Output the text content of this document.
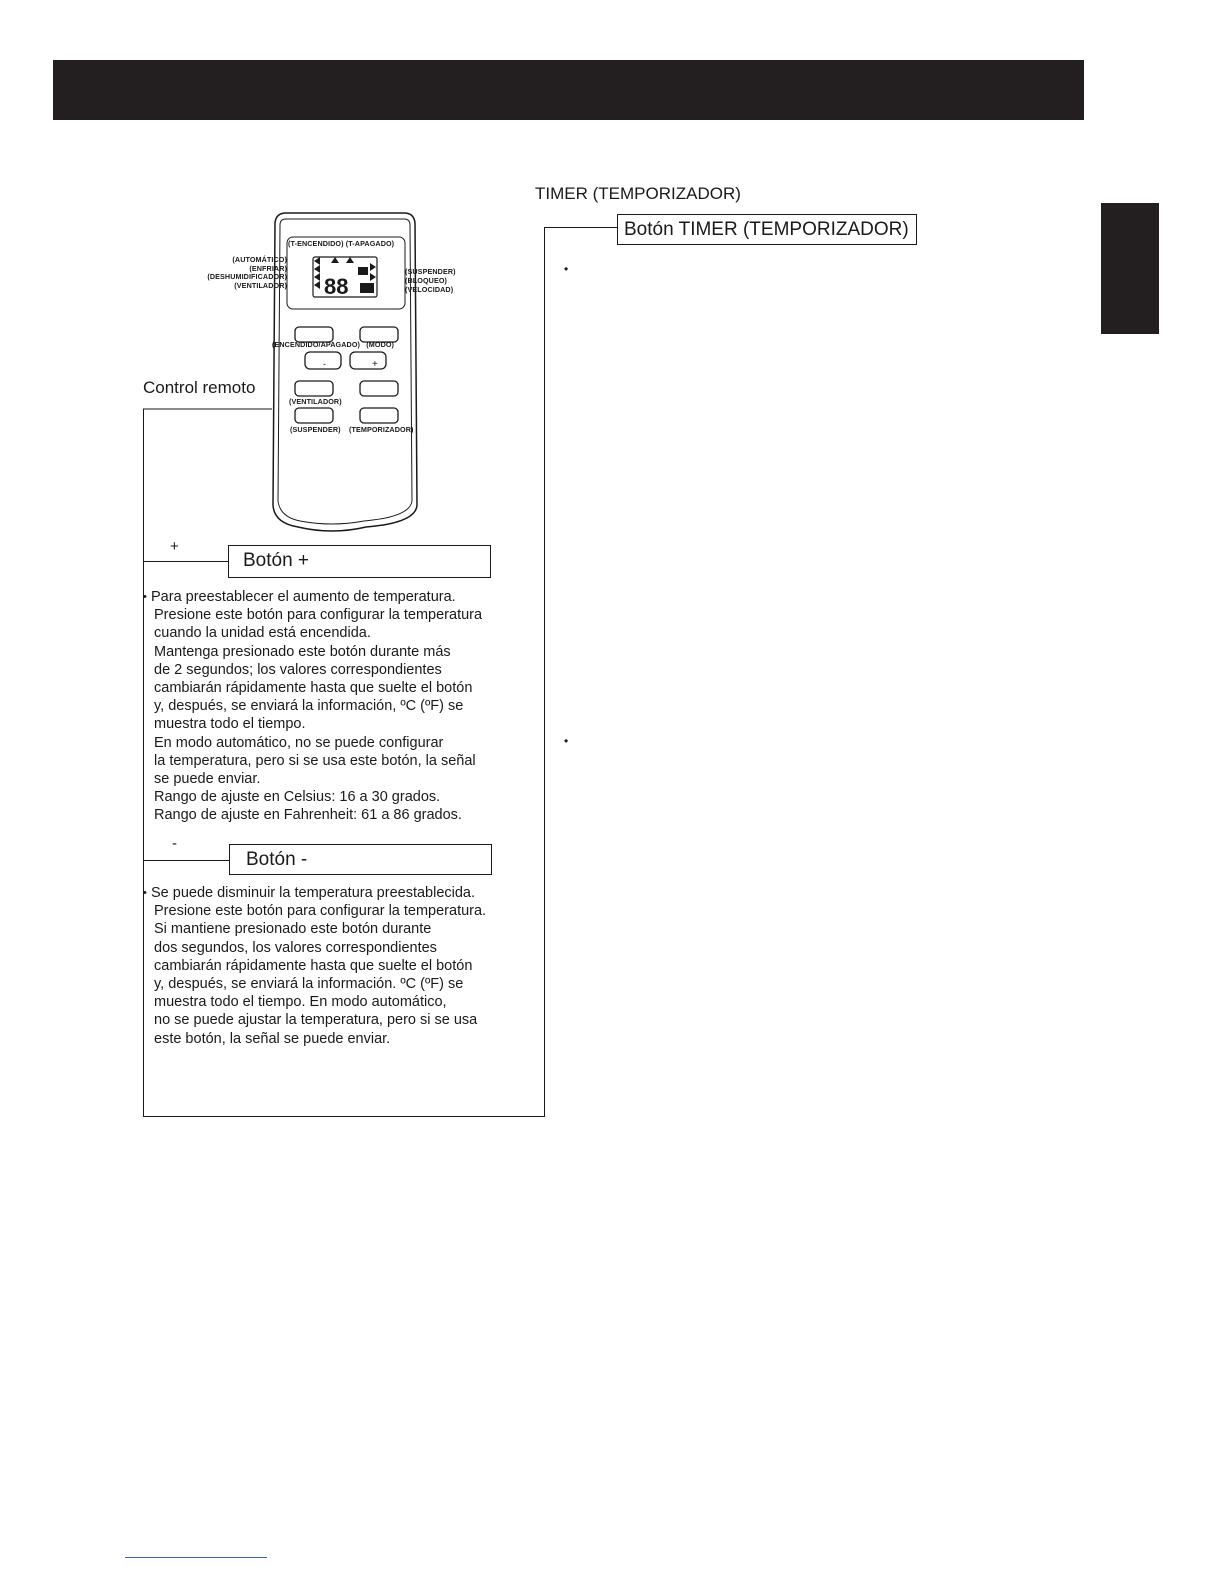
TIMER (TEMPORIZADOR)
Botón TIMER (TEMPORIZADOR)
•
•
Control remoto
88
-	+
(T-ENCENDIDO) (T-APAGADO)
(AUTOMÁTICO)
(ENFRIAR)
(DESHUMIDIFICADOR)
(VENTILADOR)
(SUSPENDER)
(BLOQUEO)
(VELOCIDAD)
(ENCENDIDO/APAGADO)   (MODO)
(VENTILADOR)
(SUSPENDER)    (TEMPORIZADOR)
+
Botón +
• Para preestablecer el aumento de temperatura.
Presione este botón para configurar la temperatura
cuando la unidad está encendida.
Mantenga presionado este botón durante más
de 2 segundos; los valores correspondientes
cambiarán rápidamente hasta que suelte el botón
y, después, se enviará la información, ºC (ºF) se
muestra todo el tiempo.
En modo automático, no se puede configurar
la temperatura, pero si se usa este botón, la señal
se puede enviar.
Rango de ajuste en Celsius: 16 a 30 grados.
Rango de ajuste en Fahrenheit: 61 a 86 grados.
-
Botón -
• Se puede disminuir la temperatura preestablecida.
Presione este botón para configurar la temperatura.
Si mantiene presionado este botón durante
dos segundos, los valores correspondientes
cambiarán rápidamente hasta que suelte el botón
y, después, se enviará la información. ºC (ºF) se
muestra todo el tiempo. En modo automático,
no se puede ajustar la temperatura, pero si se usa
este botón, la señal se puede enviar.
